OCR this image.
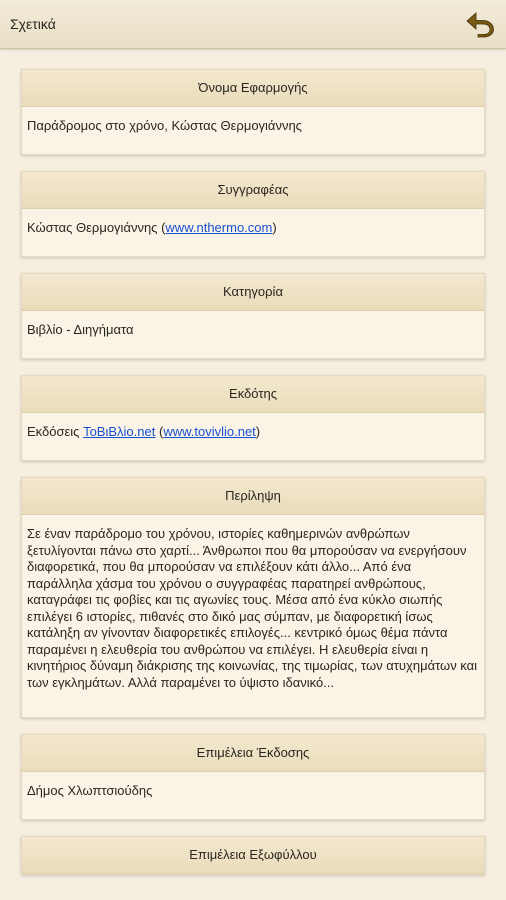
Σχετικά
Όνομα Εφαρμογής
Παράδρομος στο χρόνο, Κώστας Θερμογιάννης
Συγγραφέας
Κώστας Θερμογιάννης (www.nthermo.com)
Κατηγορία
Βιβλίο - Διηγήματα
Εκδότης
Εκδόσεις ToBιBλio.net (www.tovivlio.net)
Περίληψη
Σε έναν παράδρομο του χρόνου, ιστορίες καθημερινών ανθρώπων ξετυλίγονται πάνω στο χαρτί... Άνθρωποι που θα μπορούσαν να ενεργήσουν διαφορετικά, που θα μπορούσαν να επιλέξουν κάτι άλλο... Από ένα παράλληλα χάσμα του χρόνου ο συγγραφέας παρατηρεί ανθρώπους, καταγράφει τις φοβίες και τις αγωνίες τους. Μέσα από ένα κύκλο σιωπής επιλέγει 6 ιστορίες, πιθανές στο δικό μας σύμπαν, με διαφορετική ίσως κατάληξη αν γίνονταν διαφορετικές επιλογές... κεντρικό όμως θέμα πάντα παραμένει η ελευθερία του ανθρώπου να επιλέγει. Η ελευθερία είναι η κινητήριος δύναμη διάκρισης της κοινωνίας, της τιμωρίας, των ατυχημάτων και των εγκλημάτων. Αλλά παραμένει το ύψιστο ιδανικό...
Επιμέλεια Έκδοσης
Δήμος Χλωπτσιούδης
Επιμέλεια Εξωφύλλου
